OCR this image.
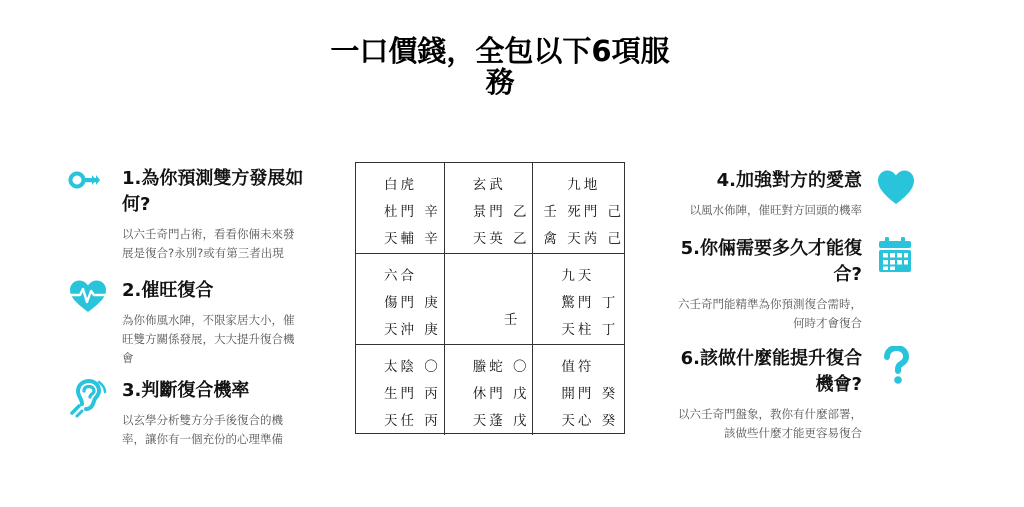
一口價錢，全包以下6項服
務
1.為你預測雙方發展如
何?
以六壬奇門占術，看看你倆未來發
展是復合?永別?或有第三者出現
2.催旺復合
為你佈風水陣，不限家居大小，催
旺雙方關係發展，大大提升復合機
會
3.判斷復合機率
以玄學分析雙方分手後復合的機
率，讓你有一個充份的心理準備
白虎
杜門 辛
天輔 辛
玄武
景門 乙
天英 乙
九地
壬 死門 己
禽 天芮 己
六合
傷門 庚
天沖 庚
壬
九天
驚門 丁
天柱 丁
太陰 〇
生門 丙
天任 丙
螣蛇 〇
休門 戊
天蓬 戊
值符
開門 癸
天心 癸
4.加強對方的愛意
以風水佈陣，催旺對方回頭的機率
5.你倆需要多久才能復
合?
六壬奇門能精準為你預測復合需時，
何時才會復合
6.該做什麼能提升復合
機會?
以六壬奇門盤象，教你有什麼部署，
該做些什麼才能更容易復合
